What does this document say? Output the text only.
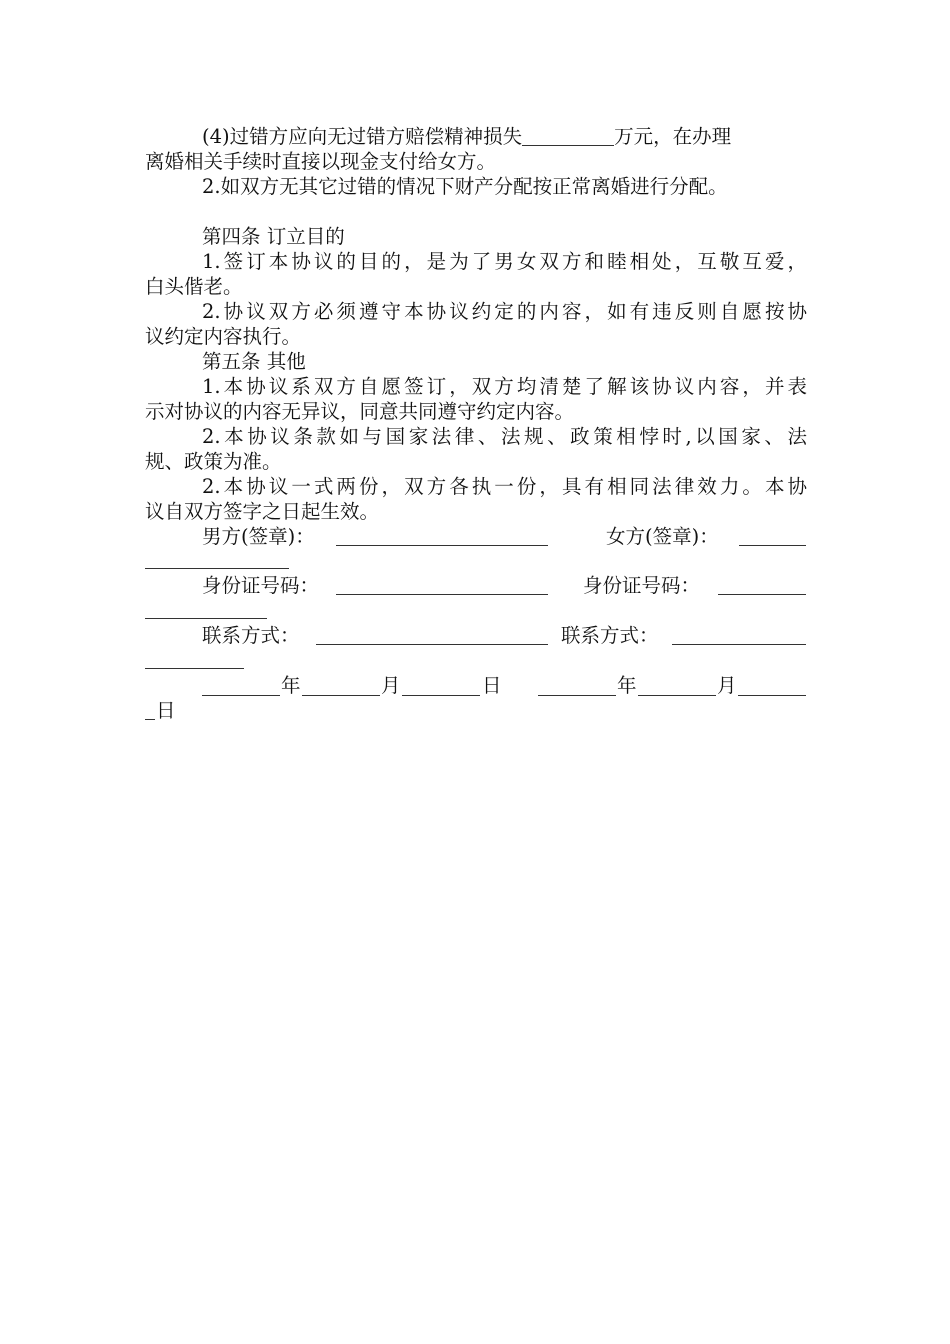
(4)过错方应向无过错方赔偿精神损失	万元，在办理
离婚相关手续时直接以现金支付给女方。
2.如双方无其它过错的情况下财产分配按正常离婚进行分配。
第四条 订立目的
1.签订本协议的目的，是为了男女双方和睦相处，互敬互爱，
白头偕老。
2.协议双方必须遵守本协议约定的内容，如有违反则自愿按协
议约定内容执行。
第五条 其他
1.本协议系双方自愿签订，双方均清楚了解该协议内容，并表
示对协议的内容无异议，同意共同遵守约定内容。
2.本协议条款如与国家法律、法规、政策相悖时,以国家、法
规、政策为准。
2.本协议一式两份，双方各执一份，具有相同法律效力。本协
议自双方签字之日起生效。
男方(签章)：	女方(签章)：
身份证号码：	身份证号码：
联系方式：	联系方式：
年	月	日	年	月
日
